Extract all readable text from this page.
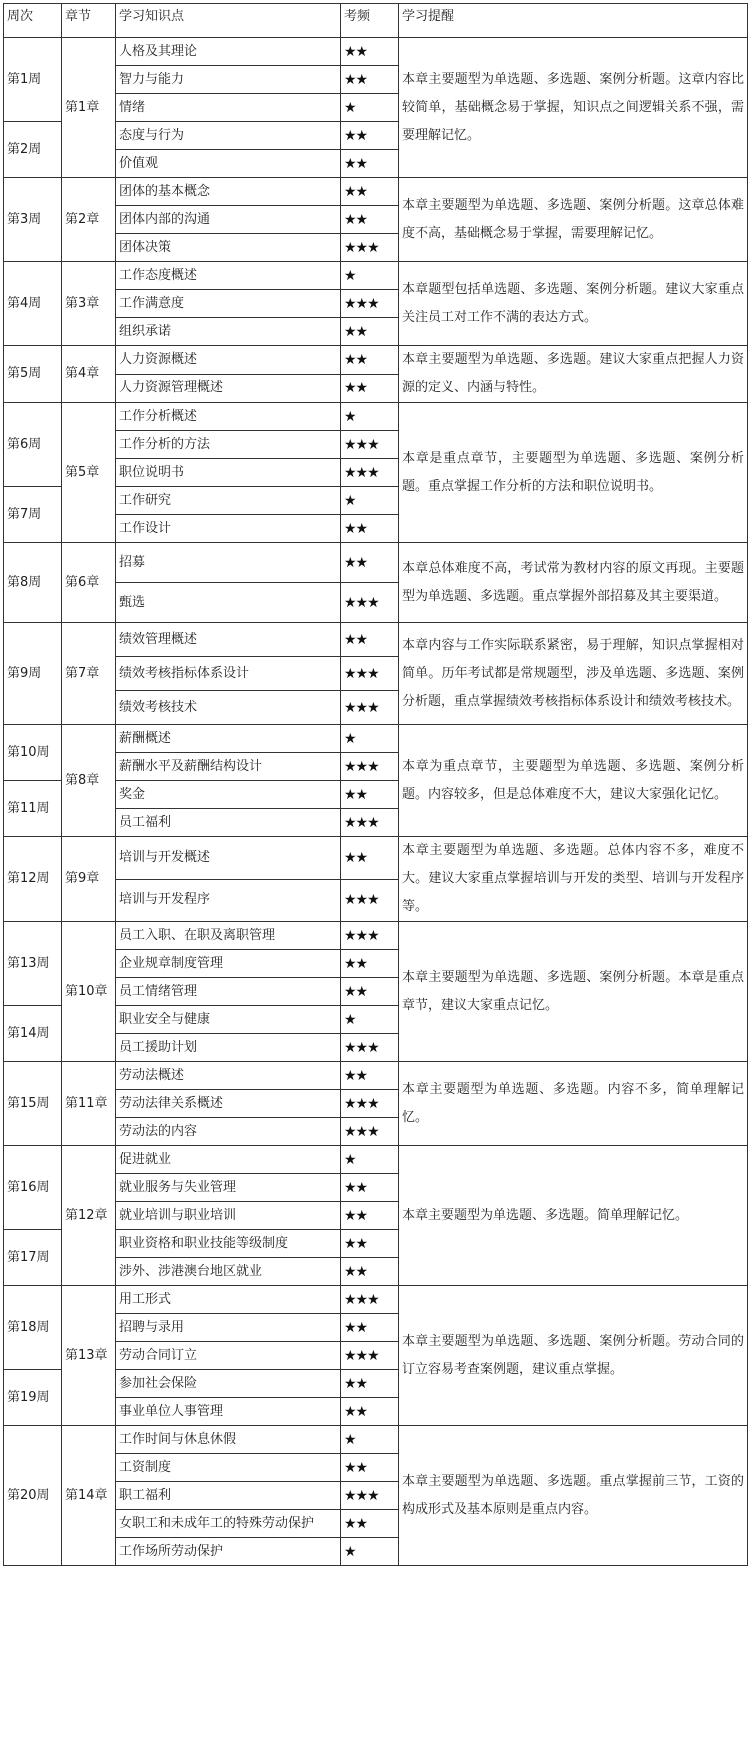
周次	章节	学习知识点	考频	学习提醒
第1周	第1章	人格及其理论	★★	本章主要题型为单选题、多选题、案例分析题。这章内容比较简单，基础概念易于掌握，知识点之间逻辑关系不强，需要理解记忆。
		智力与能力	★★	
		情绪	★	
第2周		态度与行为	★★	
		价值观	★★	
第3周	第2章	团体的基本概念	★★	本章主要题型为单选题、多选题、案例分析题。这章总体难度不高，基础概念易于掌握，需要理解记忆。
		团体内部的沟通	★★	
		团体决策	★★★	
第4周	第3章	工作态度概述	★	本章题型包括单选题、多选题、案例分析题。建议大家重点关注员工对工作不满的表达方式。
		工作满意度	★★★	
		组织承诺	★★	
第5周	第4章	人力资源概述	★★	本章主要题型为单选题、多选题。建议大家重点把握人力资源的定义、内涵与特性。
		人力资源管理概述	★★	
第6周	第5章	工作分析概述	★	本章是重点章节，主要题型为单选题、多选题、案例分析题。重点掌握工作分析的方法和职位说明书。
		工作分析的方法	★★★	
		职位说明书	★★★	
第7周		工作研究	★	
		工作设计	★★	
第8周	第6章	招募	★★	本章总体难度不高，考试常为教材内容的原文再现。主要题型为单选题、多选题。重点掌握外部招募及其主要渠道。
		甄选	★★★	
第9周	第7章	绩效管理概述	★★	本章内容与工作实际联系紧密，易于理解，知识点掌握相对简单。历年考试都是常规题型，涉及单选题、多选题、案例分析题，重点掌握绩效考核指标体系设计和绩效考核技术。
		绩效考核指标体系设计	★★★	
		绩效考核技术	★★★	
第10周	第8章	薪酬概述	★	本章为重点章节，主要题型为单选题、多选题、案例分析题。内容较多，但是总体难度不大，建议大家强化记忆。
		薪酬水平及薪酬结构设计	★★★	
第11周		奖金	★★	
		员工福利	★★★	
第12周	第9章	培训与开发概述	★★	本章主要题型为单选题、多选题。总体内容不多，难度不大。建议大家重点掌握培训与开发的类型、培训与开发程序等。
		培训与开发程序	★★★	
第13周	第10章	员工入职、在职及离职管理	★★★	本章主要题型为单选题、多选题、案例分析题。本章是重点章节，建议大家重点记忆。
		企业规章制度管理	★★	
		员工情绪管理	★★	
第14周		职业安全与健康	★	
		员工援助计划	★★★	
第15周	第11章	劳动法概述	★★	本章主要题型为单选题、多选题。内容不多，简单理解记忆。
		劳动法律关系概述	★★★	
		劳动法的内容	★★★	
第16周	第12章	促进就业	★	本章主要题型为单选题、多选题。简单理解记忆。
		就业服务与失业管理	★★	
		就业培训与职业培训	★★	
第17周		职业资格和职业技能等级制度	★★	
		涉外、涉港澳台地区就业	★★	
第18周	第13章	用工形式	★★★	本章主要题型为单选题、多选题、案例分析题。劳动合同的订立容易考查案例题，建议重点掌握。
		招聘与录用	★★	
		劳动合同订立	★★★	
第19周		参加社会保险	★★	
		事业单位人事管理	★★	
第20周	第14章	工作时间与休息休假	★	本章主要题型为单选题、多选题。重点掌握前三节，工资的构成形式及基本原则是重点内容。
		工资制度	★★	
		职工福利	★★★	
		女职工和未成年工的特殊劳动保护	★★	
		工作场所劳动保护	★	
